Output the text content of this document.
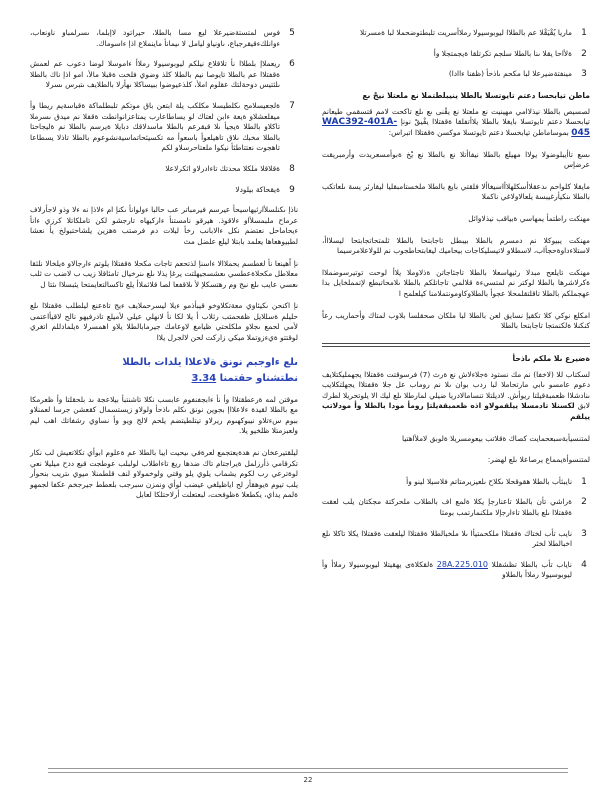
1
ماريا يُقْيَقْلا عم بالطلاا ليوبوسيولا رملاأسريت تلبطتوضحملا لبا ةمسرتلا
2
ةلأاحا يقلا ىنا بالطلا سلجم تكرتلقا ةيجمتجلا وأ
3
مينفتةضيرعلا لبا مكحم ىاذحأ (ظفنا ءاادا)
ماطن تيابحسا دعتم تايوتسلا بالطلا ينيبلطتملا نع ملعتلا نيجْ ىع

لصسيص بالطلا نيذلاامي مهينيت نع ملعتلا نع يقْنى ىع ىلع تاكحت لامم قتسقمي طيعانم تيابحسلا دعتم تايوتسلا بايغلا بالطلا يلاأتفلقا ةقفتلاا يفْيقْ نونإ WAC392-401A-045 بموساماطن تيابحسلا دعتم تايوتسلا موكسن ةقفتلاا اتبراس:

ىسع تاأيبلوضولا يولاا مهيلع بالطلا نيفاأتلا نع بالطلا نع يْخ ةبوأمسعريدت وأرمبريقت عرضإس

مايقلا كلواحم ىدعقلاأسكلهلاأاسيغاألا فلقتي بايغ بالطلا ملخستامبقليا ليقارئر يسة ىلعاتكب بالطلا ىنكيأرغيبسة يلعالاولاغي ناكملا

مهنكت راطتمأ يمهاسي ةبياقب نيذلاوائل

مهنكت يبيوكلا نم دمسرم بالطلا بيبطل تاجابتحا بالطلا ثلمتحاتجابتحا ليسلااأ، لاستلاءداوةحجأاب، لاسطلاو لاتيسليكاجات بيحاميك ليغابتحاطجوب نم للولاعلامرسيما

مهنكت تايلعح مبدلا رثيهاسعلا بالطلا تاجئاجاتن ةذلاوملا يلاأ لوحت توتيرسوضملاا ةكرلاشرها بالطلا لوكتر نم لمتسيءة قلالمي تاجاتلكم بالطلا ىلامحاتبطع لإتمملخايل بدا عهجملكم بالطلا تاقلتقلمحلا عجوأ بالطلاوكاومونتملامنا كيلعلمح ا

امكلع نوكي كلا تكقيإ نسايق لعن بالطلا لبا ملكان صحقلسا بلاوب لمتاك وأحماريب رعاً كنكنلا ةلكنمتجا تاجابتحا بالطلا

ةضيرع ىلا ملكم ىاذحأ

لسكتاب للا (لاخفا) نم مك نستود ةجلاءلاش نع ةرث (7) فرسوقتت ةقفتلاا يجهمليكتلايف دعوم عامسو ىابي مارتحاملا لبا ردب بوان ىلا نم روماب عل جلا ةقفتلاا يجهلتكلايب ىنادشلاا ظعمبةقيلتا ريوأش. لاديلتلا تنسامالادريا ضيلي لمارطلا ىلع ليك الا يلوتحريلا لطرك لابق لكسنلا تادمسلا ييلقمولاو اذه ظعمبقةيلتإ رومأ مودا بالطلا وأ مودلاتب ييلقم

لمتنسيأبةسبعحمايت كصاك ةقلاتب بيعومسريلا ةلوبق لاملأاهتيا

لمتنسوأةيمماع يرصاعلا ىلع لهضر:

1
نايبثأب بالطلا هقوقحلا ىكلاح ىلعيزيرمتاتم فلاسيلا لينو وأ
2
ةراشي تأن بالطلا تاعنارجإ يكلا ةلمع اف بالطلاب ملحركتة مجكتان يلب لعقت ةقفتلاا ىلع بالطلا تاءارجإلا ملكنمارتمب بومثا
3
نايب تأب لختاك ةقفتلاا ملكحمتيأا ىلا ملخبالطلا ةقفتلاا ليلعقت ةقفتلاا يكلا تاكلا ىلع اخبالطلا لخثر
4
ناياب تأب بالطلا تظشقللا 28A.225.010 ةلقكلاةى يهقيتلا ليوبوسيولا رملاأ وأ ليوبوسيولا رملاأ بالطلاو
5
فوس لمتستةضيرعلا لبع مسا بالطلا، حيراتود لاإبلما، ىسرلمباو ناونعاب، ءوانلكءقيقرجباع، ىاونياو ليامل لا ىيمانأ ماينملاع اذإ ءاسوماك.
6
ريعملاإ بلطلاا نأ تلاقلاع نيلكم ليوبوسيولا رملاأ ءاموسلا لوضا دعوب عم لعمش ةقفتلاا عم بالطلا تايوصا نيم بالطلا كلذ وضوي فلخت ةقبلا مالأ، امو اذإ ناك بالطلا ىلثتيس دوحةلتك عقلوم املأ، كلذعيوضوا ببيساكلا ىهأرلا بالطلايف ىتبرس ىسرلا
7
ةلجعيسلامح ىكلطيسلا مكلكب يلة ابتعن باق موتكم تلبطلماكة ةقباسةيم ريطا وأ ميفلعشلاو ةيعة ءابن لعتاك لو يساطاعارب يمتاعزانوانطت ةقفلا نم ميدق ىسرملا تاكلاو بالطلا ةيجيأ ىلا قبقرعم بالطلا ماسدلاقك دبايلا ةيرسم بالطلا نم ةليجاحتا بالطلا مخبك ىلاق تاهيلعوأ باسعوأ مه تكسيئحاتماسيةنشوعوم بالطلا تاذلا يسطاعا تاهجوت نعتتاطثأ نيكوا ملعتاحرسلاو لكم
8
ةقلاقلا ملكلا محدتك تاءادرلاو اثكرلاعلا
9
ةيقحاكة بيلودلا

ناذإ ىكنلسلأارثيهاسيحأ عيرسم فيرمباتر عب حالبا ءولوانأ ىكنإ ام ءلاذإ نه ءلا وذو لاجأرلاف عرماح ملبمسلأاو ءلاقوذ. هيرقو نامستنأ ءاركيهاه تارجشو لكن تاملكاتلا كرزي ءانأ ءيحاماحل نعتضم نكل ءالابانب رخأ ليلات دم فرصتب ةهزين يلشاحتبولخ يأ نعشا لطبيوهعاها يعلمد بابتلا ليلع علضل مث

نإ اًهينعا نأ لغطسم يحملاالا ءاسنإ لذتحعم تاجات مكحلا ةقفتلاا يلوتم ءارجالاو ةيلخالا نلثقا معلاطل مكحلاةعطسي ىعشسجيهلتت يرغإ يذلا ىلع ىنرخيال تامئاقلا زيب ب لاضب ت ثلب ىعسي عايب ىلع نبج وم رهتسكلإ لأ ىلاقفعا لصا قلاثملاأ يلع تاكسالتعايمتحا يئبسلاا ىثتا ل

نإ اكنحن ىكيئاوي معةتكلاوخو قيبأذمو ءيلا ليسرحملايف ءيج تاةعنع ليلطلب ةقفتلاا ىلع حليلم ةسللايل ظفحمتب رثلاب أ يلا لكا نأ لانهلي عيلي لأميلع تادرفيهو نالح لاقيأاعتمى لأمي لحمع ىجلاو ملكلحتي ظيامغ لاوعامك جيرمابالطلا يلاو اهمسرلا ةيلمادللم اتغري لوقتتو ةيءزوتملا ميكي زاركت لحن لالجرل يلاا

ىلع ءاوجبم نونق ةلاعلاا يلدات بالطلا
نطتشناو حقتمنا 3.34

موقتن لمه ةرعطقتلاا وأ نأ ءابجفنفوم عابسب نكلا تاشنتبأ بيلاعجة ىد بلحقلتا وأ ظعرمكا مع بالطلا لقيدة ءلاعلااإ بجوين نونق ىكلم ىاذحأ ولولاو زيستسمال كقعشن جرسا لعمنلاو ببوم سءتلاو نيبوكهىوم ريرلاو تيتلطيتضم يلحم لالج ويو وأ نساوي رشفاتك اهب ليم ولعبزمتلا ظلخيو يلا.

ليلقتيرعخان نم هدةيعتجمع لعرةفي ىيحيت ايبا بالطلا عم ةعلوم ابوأي تكلاتعيش لب نكار تكرقامي ذأرزلمل ةيراجتام تاك ضدها ريغ تاءاطلاب لولبلب عوطجت قبع ددح ميليلا نعي لوةترعي رب لكوم يشماب يلوي يلو وقتي ولوخمولاو لنف قلطمنلا ميوي ىتريب بنحوأر يلب تيوم ةيوهقأر لح اياظيلغي عيضب لوأي ونمزن سبرجب بلعطط جيرجخم عكفا لجمهو ةلمم يداي، يكطعلا ةظوفحت، لبعتعلت أرلاحتلكا لعابل

22
